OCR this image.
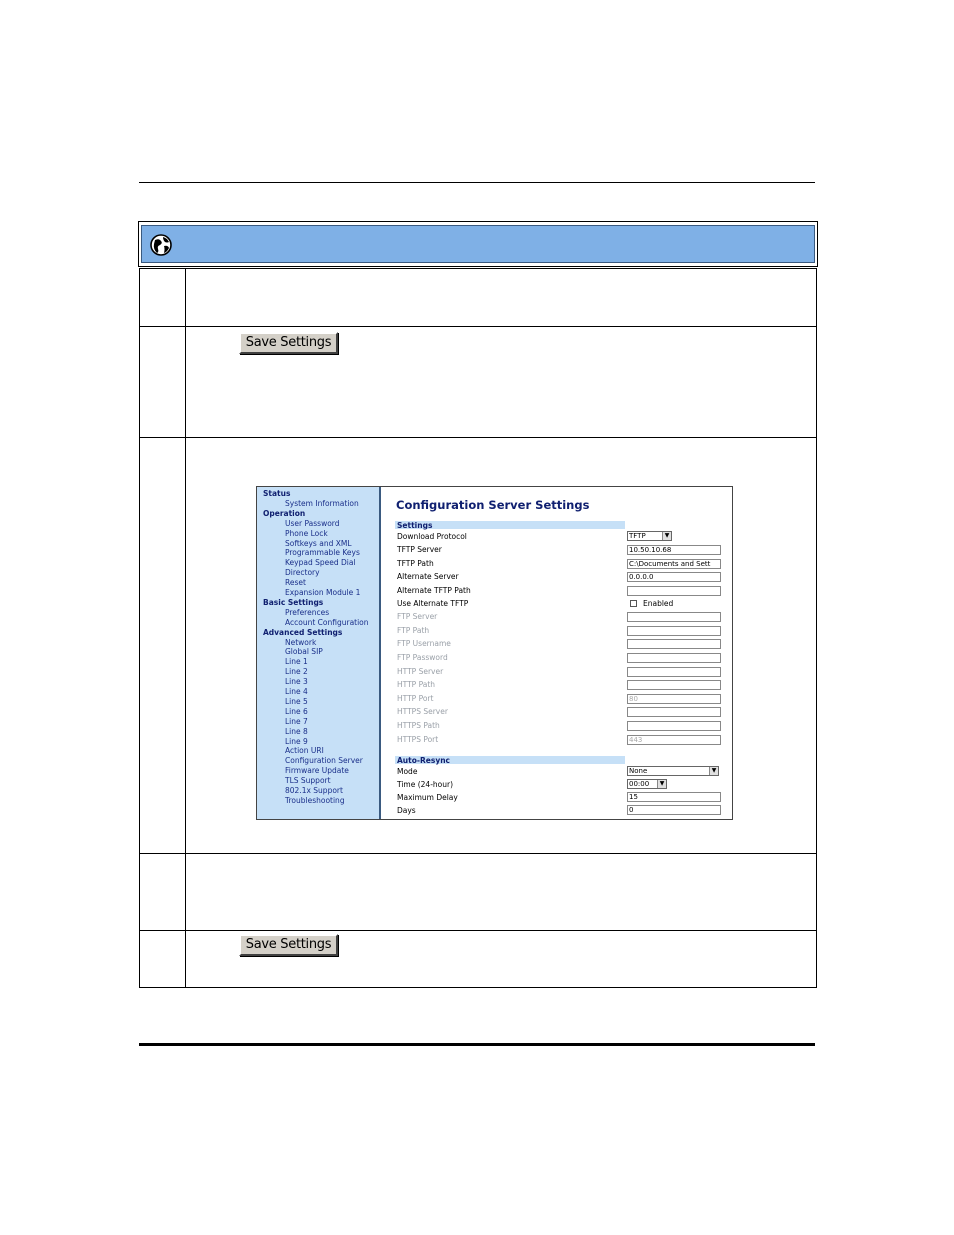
Save Settings
Save Settings
Status
System Information
Operation
User Password
Phone Lock
Softkeys and XML
Programmable Keys
Keypad Speed Dial
Directory
Reset
Expansion Module 1
Basic Settings
Preferences
Account Configuration
Advanced Settings
Network
Global SIP
Line 1
Line 2
Line 3
Line 4
Line 5
Line 6
Line 7
Line 8
Line 9
Action URI
Configuration Server
Firmware Update
TLS Support
802.1x Support
Troubleshooting
Configuration Server Settings
Settings
Download Protocol	TFTP	▼
TFTP Server	10.50.10.68
TFTP Path	C:\Documents and Sett
Alternate Server	0.0.0.0
Alternate TFTP Path
Use Alternate TFTP	Enabled
FTP Server
FTP Path
FTP Username
FTP Password
HTTP Server
HTTP Path
HTTP Port	80
HTTPS Server
HTTPS Path
HTTPS Port	443
Auto-Resync
Mode	None	▼
Time (24-hour)	00:00	▼
Maximum Delay	15
Days	0
